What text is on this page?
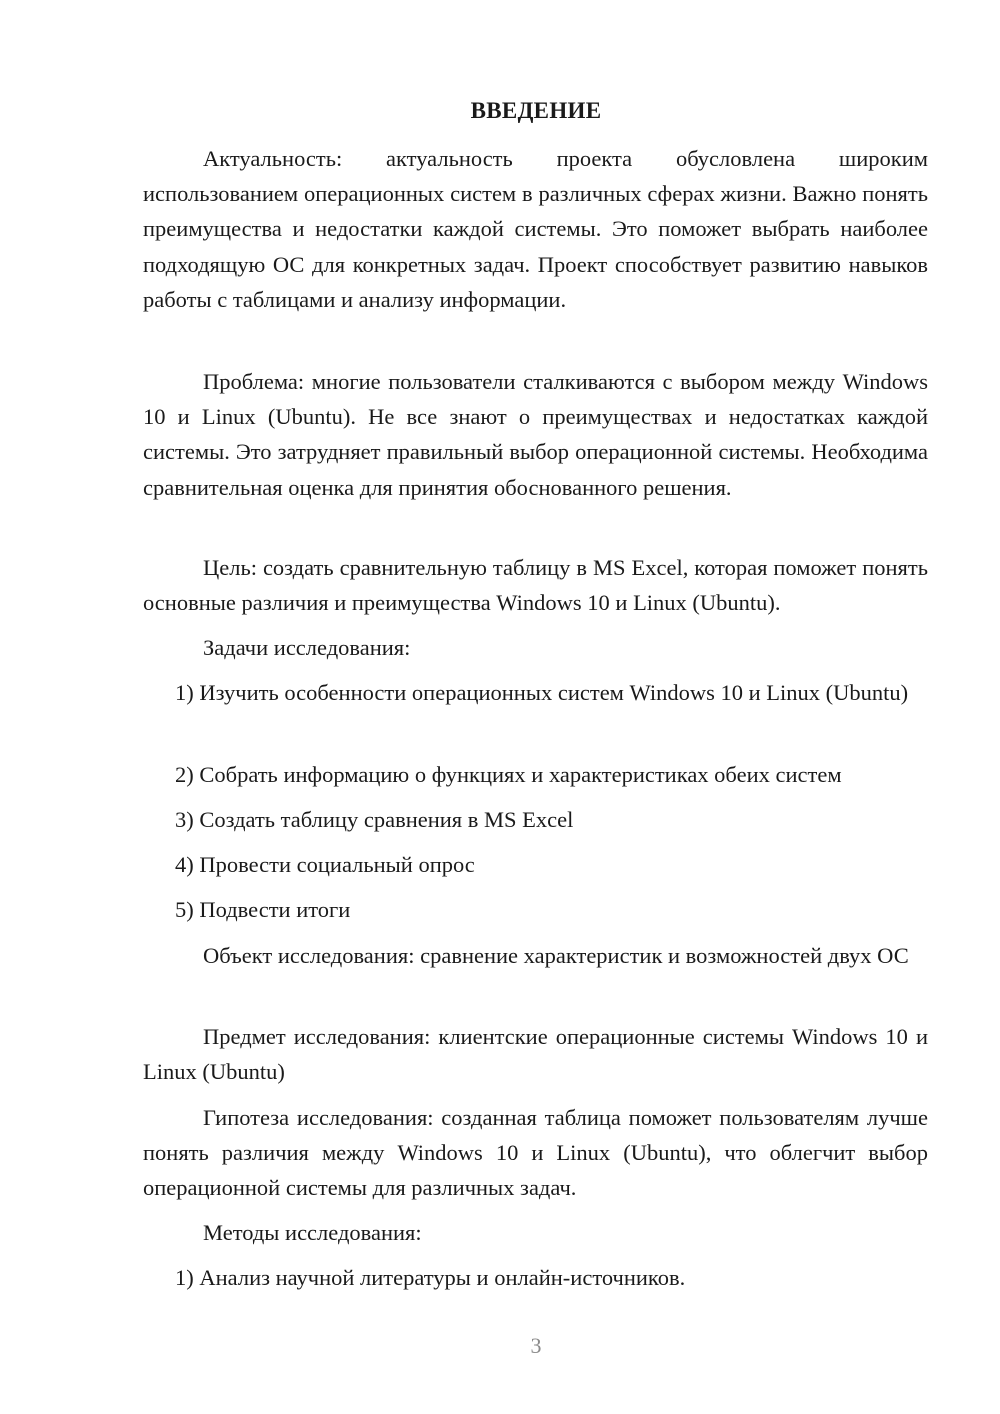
ВВЕДЕНИЕ

Актуальность: актуальность проекта обусловлена широким использованием операционных систем в различных сферах жизни. Важно понять преимущества и недостатки каждой системы. Это поможет выбрать наиболее подходящую ОС для конкретных задач. Проект способствует развитию навыков работы с таблицами и анализу информации.

Проблема: многие пользователи сталкиваются с выбором между Windows 10 и Linux (Ubuntu). Не все знают о преимуществах и недостатках каждой системы. Это затрудняет правильный выбор операционной системы. Необходима сравнительная оценка для принятия обоснованного решения.

Цель: создать сравнительную таблицу в MS Excel, которая поможет понять основные различия и преимущества Windows 10 и Linux (Ubuntu).

Задачи исследования:

1) Изучить особенности операционных систем Windows 10 и Linux (Ubuntu)

2) Собрать информацию о функциях и характеристиках обеих систем

3) Создать таблицу сравнения в MS Excel

4) Провести социальный опрос

5) Подвести итоги

Объект исследования: сравнение характеристик и возможностей двух ОС

Предмет исследования: клиентские операционные системы Windows 10 и Linux (Ubuntu)

Гипотеза исследования: созданная таблица поможет пользователям лучше понять различия между Windows 10 и Linux (Ubuntu), что облегчит выбор операционной системы для различных задач.

Методы исследования:

1) Анализ научной литературы и онлайн-источников.

3
